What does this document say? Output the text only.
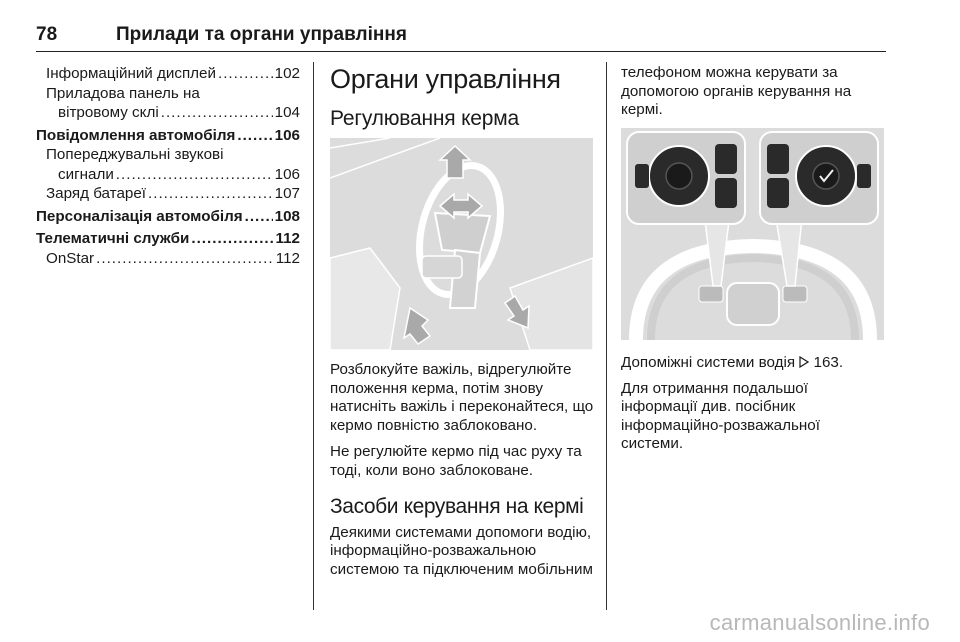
78	Прилади та органи управління
Інформаційний дисплей .....	102
Приладова панель на
вітровому склі .....	104
Повідомлення автомобіля .....	106
Попереджувальні звукові
сигнали .....	106
Заряд батареї .....	107
Персоналізація автомобіля ..... 108
Телематичні служби .....	112
OnStar .....	112
Органи управління
Регулювання керма
Розблокуйте важіль, відрегулюйте положення керма, потім знову натисніть важіль і переконайтеся, що кермо повністю заблоковано.
Не регулюйте кермо під час руху та тоді, коли воно заблоковане.
Засоби керування на кермі
Деякими системами допомоги водію, інформаційно-розважальною системою та підключеним мобільним
телефоном можна керувати за допомогою органів керування на кермі.
Допоміжні системи водія 163.
Для отримання подальшої інформації див. посібник інформаційно-розважальної системи.
carmanualsonline.info
